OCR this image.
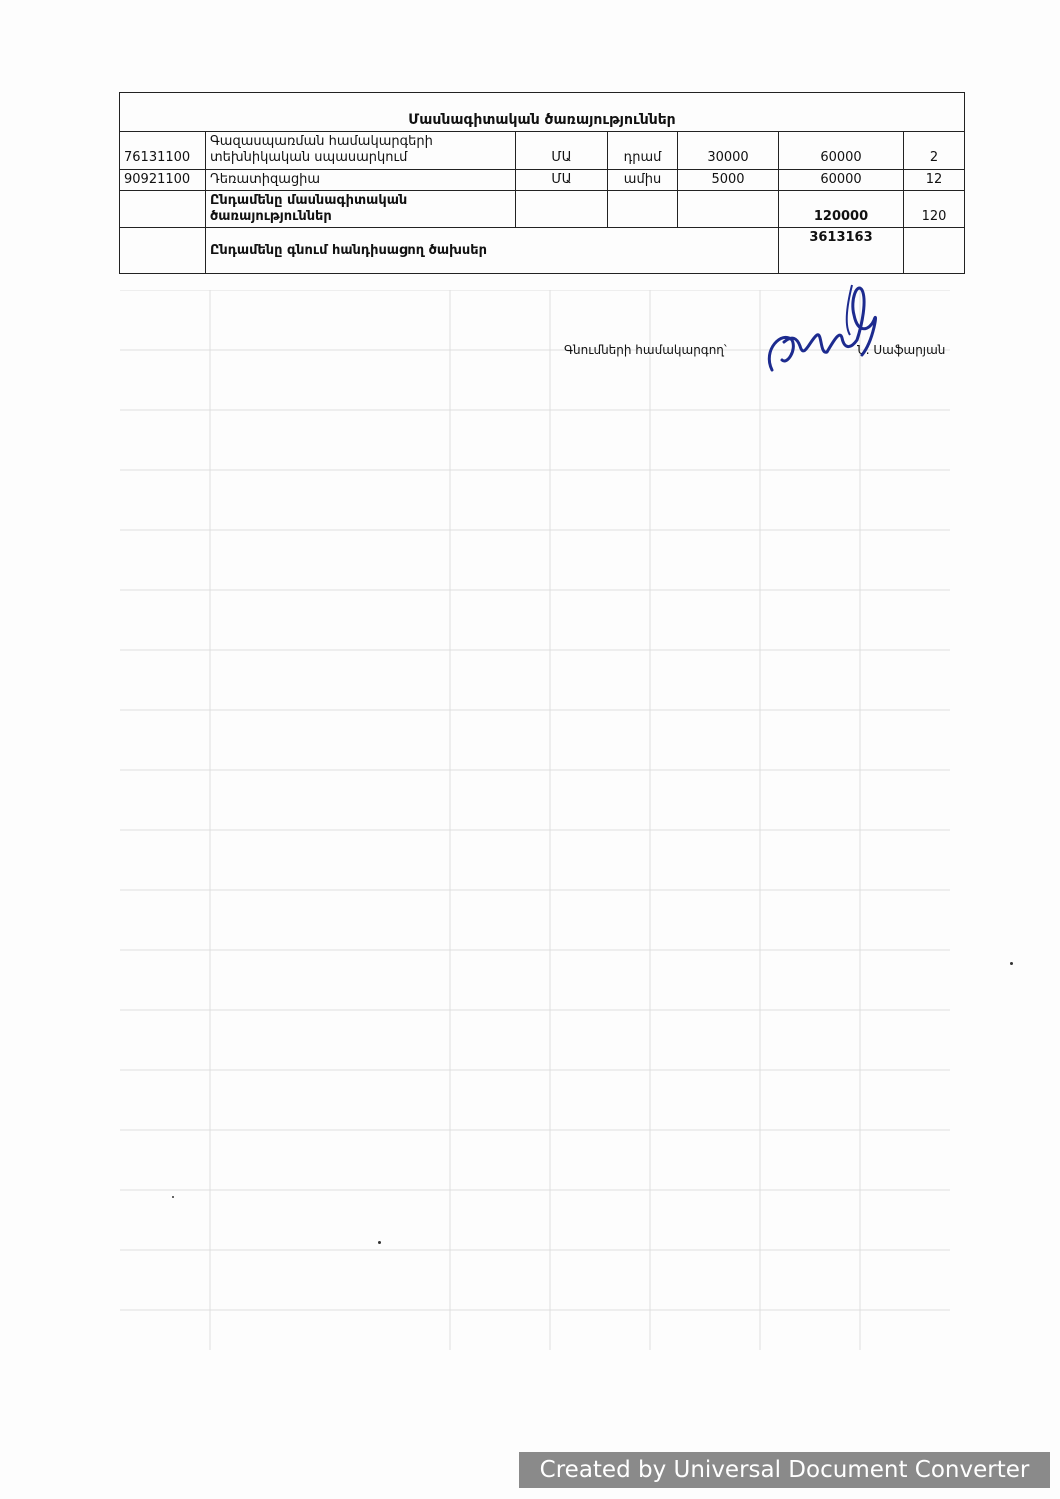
Մասնագիտական ծառայություններ						
76131100	Գազասպառման համակարգերի տեխնիկական սպասարկում	ՄԱ	դրամ	30000	60000	2
90921100	Դեռատիզացիա	ՄԱ	ամիս	5000	60000	12
	Ընդամենը մասնագիտական ծառայություններ				120000	120
	Ընդամենը գնում հանդիսացող ծախսեր				3613163	
Գնումների համակարգող՝	Ն. Սաֆարյան
Created by Universal Document Converter
